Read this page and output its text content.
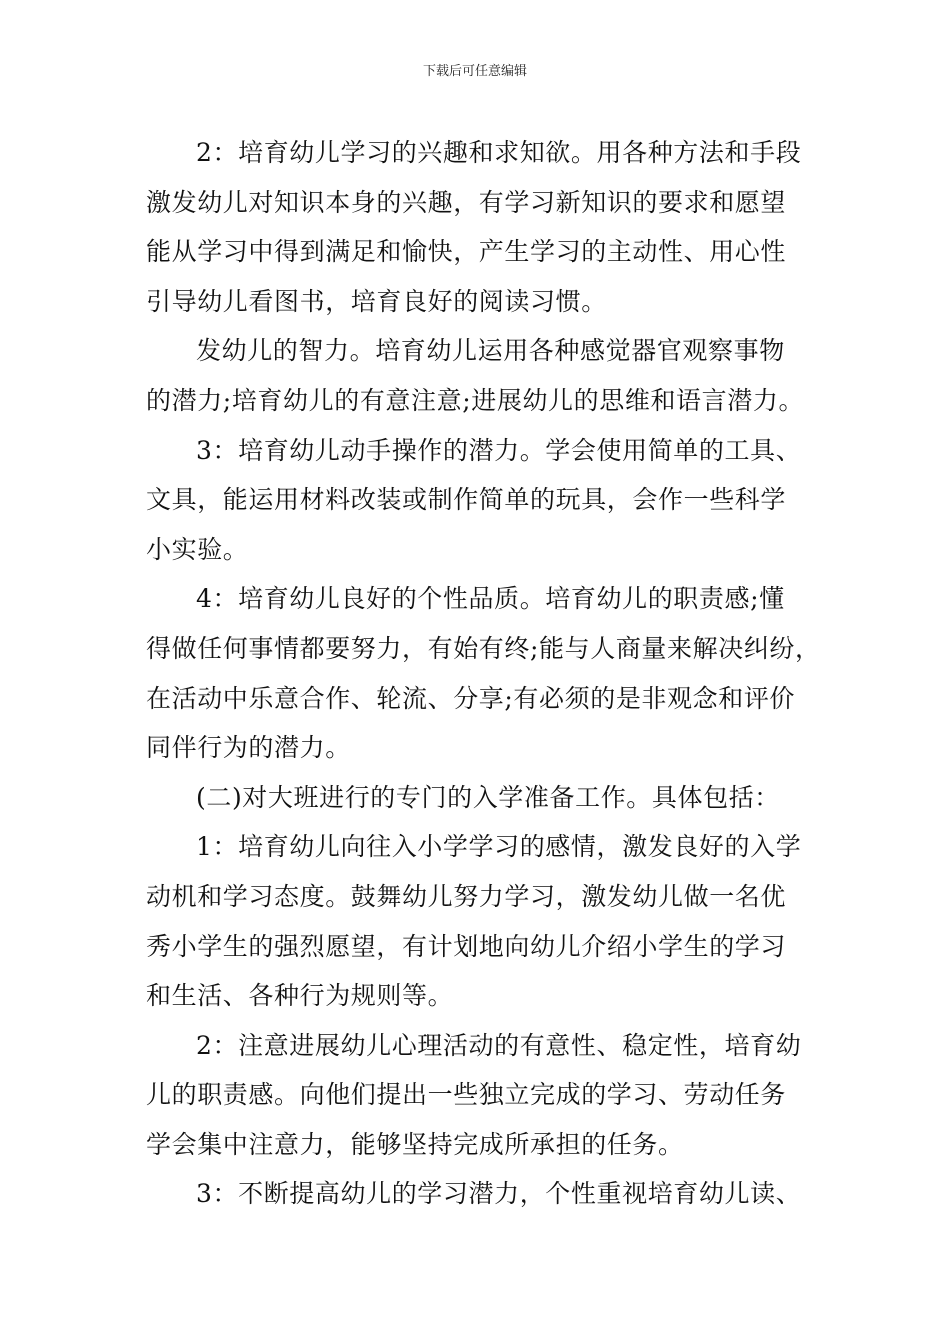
下载后可任意编辑
2：培育幼儿学习的兴趣和求知欲。用各种方法和手段
激发幼儿对知识本身的兴趣，有学习新知识的要求和愿望
能从学习中得到满足和愉快，产生学习的主动性、用心性
引导幼儿看图书，培育良好的阅读习惯。
发幼儿的智力。培育幼儿运用各种感觉器官观察事物
的潜力;培育幼儿的有意注意;进展幼儿的思维和语言潜力。
3：培育幼儿动手操作的潜力。学会使用简单的工具、
文具，能运用材料改装或制作简单的玩具，会作一些科学
小实验。
4：培育幼儿良好的个性品质。培育幼儿的职责感;懂
得做任何事情都要努力，有始有终;能与人商量来解决纠纷，
在活动中乐意合作、轮流、分享;有必须的是非观念和评价
同伴行为的潜力。
(二)对大班进行的专门的入学准备工作。具体包括：
1：培育幼儿向往入小学学习的感情，激发良好的入学
动机和学习态度。鼓舞幼儿努力学习，激发幼儿做一名优
秀小学生的强烈愿望，有计划地向幼儿介绍小学生的学习
和生活、各种行为规则等。
2：注意进展幼儿心理活动的有意性、稳定性，培育幼
儿的职责感。向他们提出一些独立完成的学习、劳动任务
学会集中注意力，能够坚持完成所承担的任务。
3：不断提高幼儿的学习潜力，个性重视培育幼儿读、
